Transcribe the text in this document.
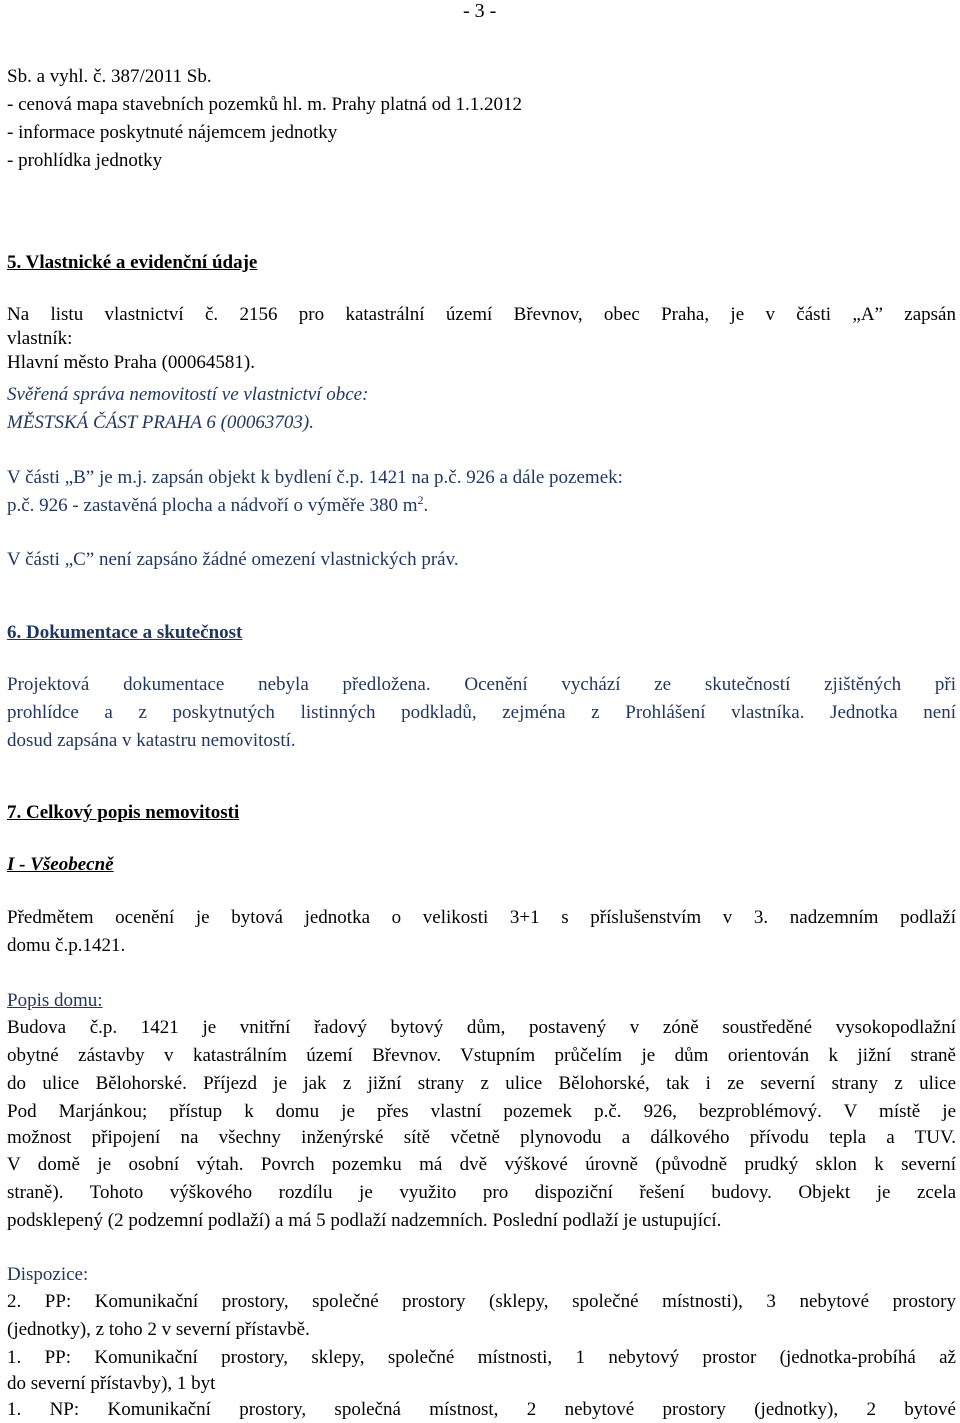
- 3 -
Sb. a vyhl. č. 387/2011 Sb.
- cenová mapa stavebních pozemků hl. m. Prahy platná od 1.1.2012
- informace poskytnuté nájemcem jednotky
- prohlídka jednotky
5. Vlastnické a evidenční údaje
Na listu vlastnictví č. 2156 pro katastrální území Břevnov, obec Praha, je v části „A” zapsán
vlastník:
Hlavní město Praha (00064581).
Svěřená správa nemovitostí ve vlastnictví obce:
MĚSTSKÁ ČÁST PRAHA 6 (00063703).
V části „B” je m.j. zapsán objekt k bydlení č.p. 1421 na p.č. 926 a dále pozemek:
p.č. 926 - zastavěná plocha a nádvoří o výměře 380 $m^2$.
V části „C” není zapsáno žádné omezení vlastnických práv.
6. Dokumentace a skutečnost
Projektová dokumentace nebyla předložena. Ocenění vychází ze skutečností zjištěných při
prohlídce a z poskytnutých listinných podkladů, zejména z Prohlášení vlastníka. Jednotka není
dosud zapsána v katastru nemovitostí.
7. Celkový popis nemovitosti
I - Všeobecně
Předmětem ocenění je bytová jednotka o velikosti 3+1 s příslušenstvím v 3. nadzemním podlaží
domu č.p.1421.
Popis domu:
Budova č.p. 1421 je vnitřní řadový bytový dům, postavený v zóně soustředěné vysokopodlažní
obytné zástavby v katastrálním území Břevnov. Vstupním průčelím je dům orientován k jižní straně
do ulice Bělohorské. Příjezd je jak z jižní strany z ulice Bělohorské, tak i ze severní strany z ulice
Pod Marjánkou; přístup k domu je přes vlastní pozemek p.č. 926, bezproblémový. V místě je
možnost připojení na všechny inženýrské sítě včetně plynovodu a dálkového přívodu tepla a TUV.
V domě je osobní výtah. Povrch pozemku má dvě výškové úrovně (původně prudký sklon k severní
straně). Tohoto výškového rozdílu je využito pro dispoziční řešení budovy. Objekt je zcela
podsklepený (2 podzemní podlaží) a má 5 podlaží nadzemních. Poslední podlaží je ustupující.
Dispozice:
2. PP: Komunikační prostory, společné prostory (sklepy, společné místnosti), 3 nebytové prostory
(jednotky), z toho 2 v severní přístavbě.
1. PP: Komunikační prostory, sklepy, společné místnosti, 1 nebytový prostor (jednotka-probíhá až
do severní přístavby), 1 byt
1. NP: Komunikační prostory, společná místnost, 2 nebytové prostory (jednotky), 2 bytové
